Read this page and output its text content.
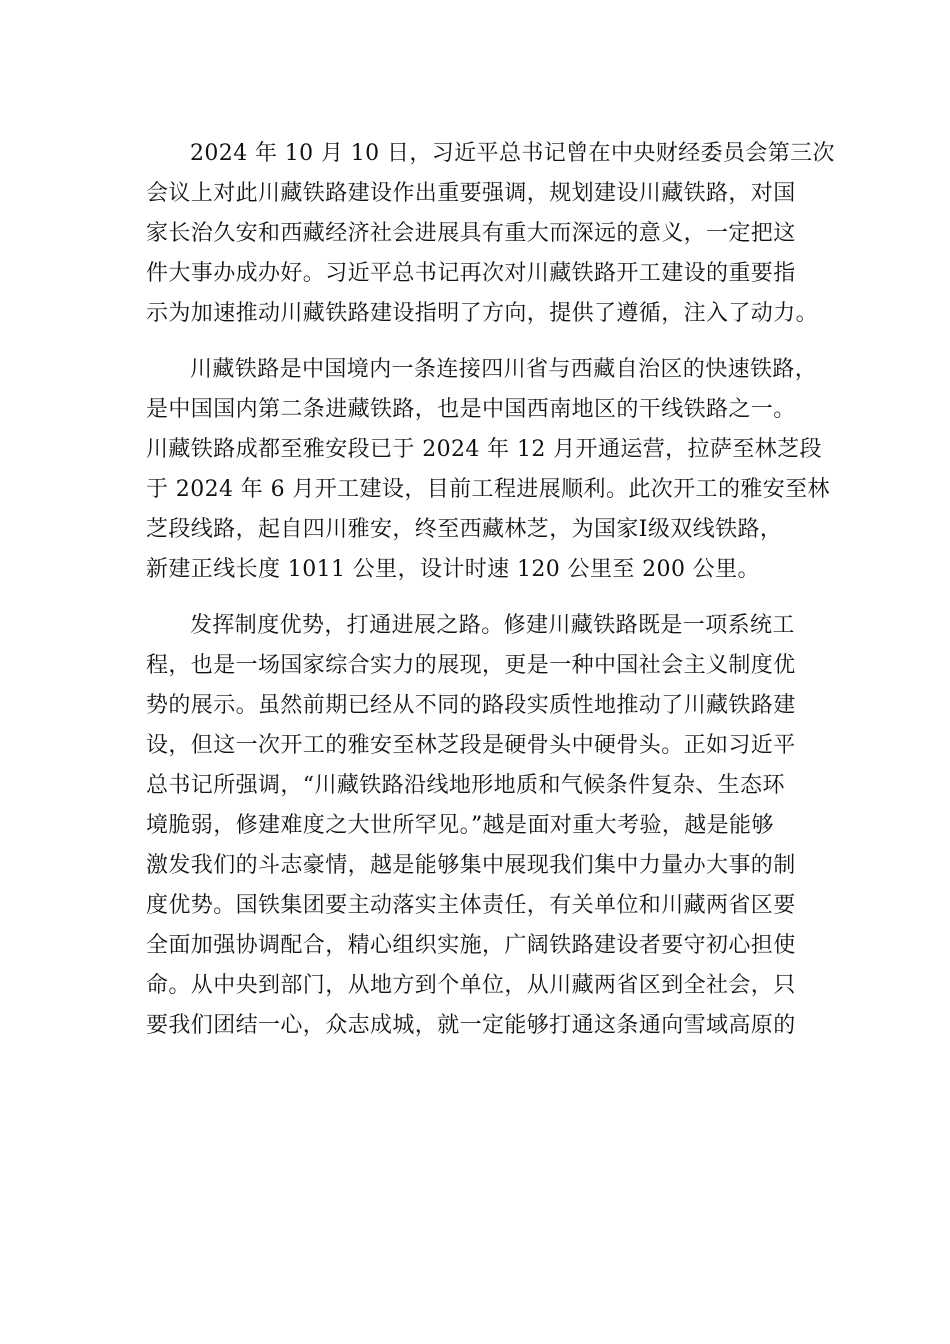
2024 年 10 月 10 日，习近平总书记曾在中央财经委员会第三次
会议上对此川藏铁路建设作出重要强调，规划建设川藏铁路，对国
家长治久安和西藏经济社会进展具有重大而深远的意义，一定把这
件大事办成办好。习近平总书记再次对川藏铁路开工建设的重要指
示为加速推动川藏铁路建设指明了方向，提供了遵循，注入了动力。

川藏铁路是中国境内一条连接四川省与西藏自治区的快速铁路，
是中国国内第二条进藏铁路，也是中国西南地区的干线铁路之一。
川藏铁路成都至雅安段已于 2024 年 12 月开通运营，拉萨至林芝段
于 2024 年 6 月开工建设，目前工程进展顺利。此次开工的雅安至林
芝段线路，起自四川雅安，终至西藏林芝，为国家Ⅰ级双线铁路，
新建正线长度 1011 公里，设计时速 120 公里至 200 公里。

发挥制度优势，打通进展之路。修建川藏铁路既是一项系统工
程，也是一场国家综合实力的展现，更是一种中国社会主义制度优
势的展示。虽然前期已经从不同的路段实质性地推动了川藏铁路建
设，但这一次开工的雅安至林芝段是硬骨头中硬骨头。正如习近平
总书记所强调，“川藏铁路沿线地形地质和气候条件复杂、生态环
境脆弱，修建难度之大世所罕见。”越是面对重大考验，越是能够
激发我们的斗志豪情，越是能够集中展现我们集中力量办大事的制
度优势。国铁集团要主动落实主体责任，有关单位和川藏两省区要
全面加强协调配合，精心组织实施，广阔铁路建设者要守初心担使
命。从中央到部门，从地方到个单位，从川藏两省区到全社会，只
要我们团结一心，众志成城，就一定能够打通这条通向雪域高原的
